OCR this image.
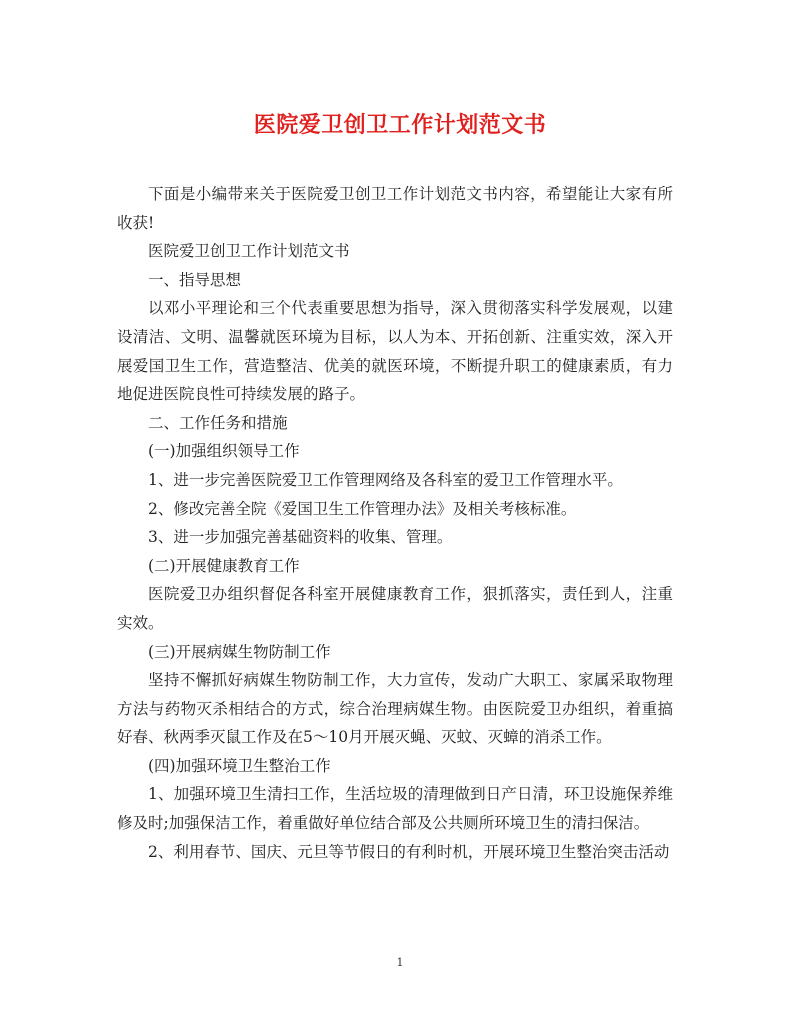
医院爱卫创卫工作计划范文书

下面是小编带来关于医院爱卫创卫工作计划范文书内容，希望能让大家有所收获!

医院爱卫创卫工作计划范文书

一、指导思想

以邓小平理论和三个代表重要思想为指导，深入贯彻落实科学发展观，以建设清洁、文明、温馨就医环境为目标，以人为本、开拓创新、注重实效，深入开展爱国卫生工作，营造整洁、优美的就医环境，不断提升职工的健康素质，有力地促进医院良性可持续发展的路子。

二、工作任务和措施

(一)加强组织领导工作

1、进一步完善医院爱卫工作管理网络及各科室的爱卫工作管理水平。

2、修改完善全院《爱国卫生工作管理办法》及相关考核标准。

3、进一步加强完善基础资料的收集、管理。

(二)开展健康教育工作

医院爱卫办组织督促各科室开展健康教育工作，狠抓落实，责任到人，注重实效。

(三)开展病媒生物防制工作

坚持不懈抓好病媒生物防制工作，大力宣传，发动广大职工、家属采取物理方法与药物灭杀相结合的方式，综合治理病媒生物。由医院爱卫办组织，着重搞好春、秋两季灭鼠工作及在5～10月开展灭蝇、灭蚊、灭蟑的消杀工作。

(四)加强环境卫生整治工作

1、加强环境卫生清扫工作，生活垃圾的清理做到日产日清，环卫设施保养维修及时;加强保洁工作，着重做好单位结合部及公共厕所环境卫生的清扫保洁。

2、利用春节、国庆、元旦等节假日的有利时机，开展环境卫生整治突击活动

1
